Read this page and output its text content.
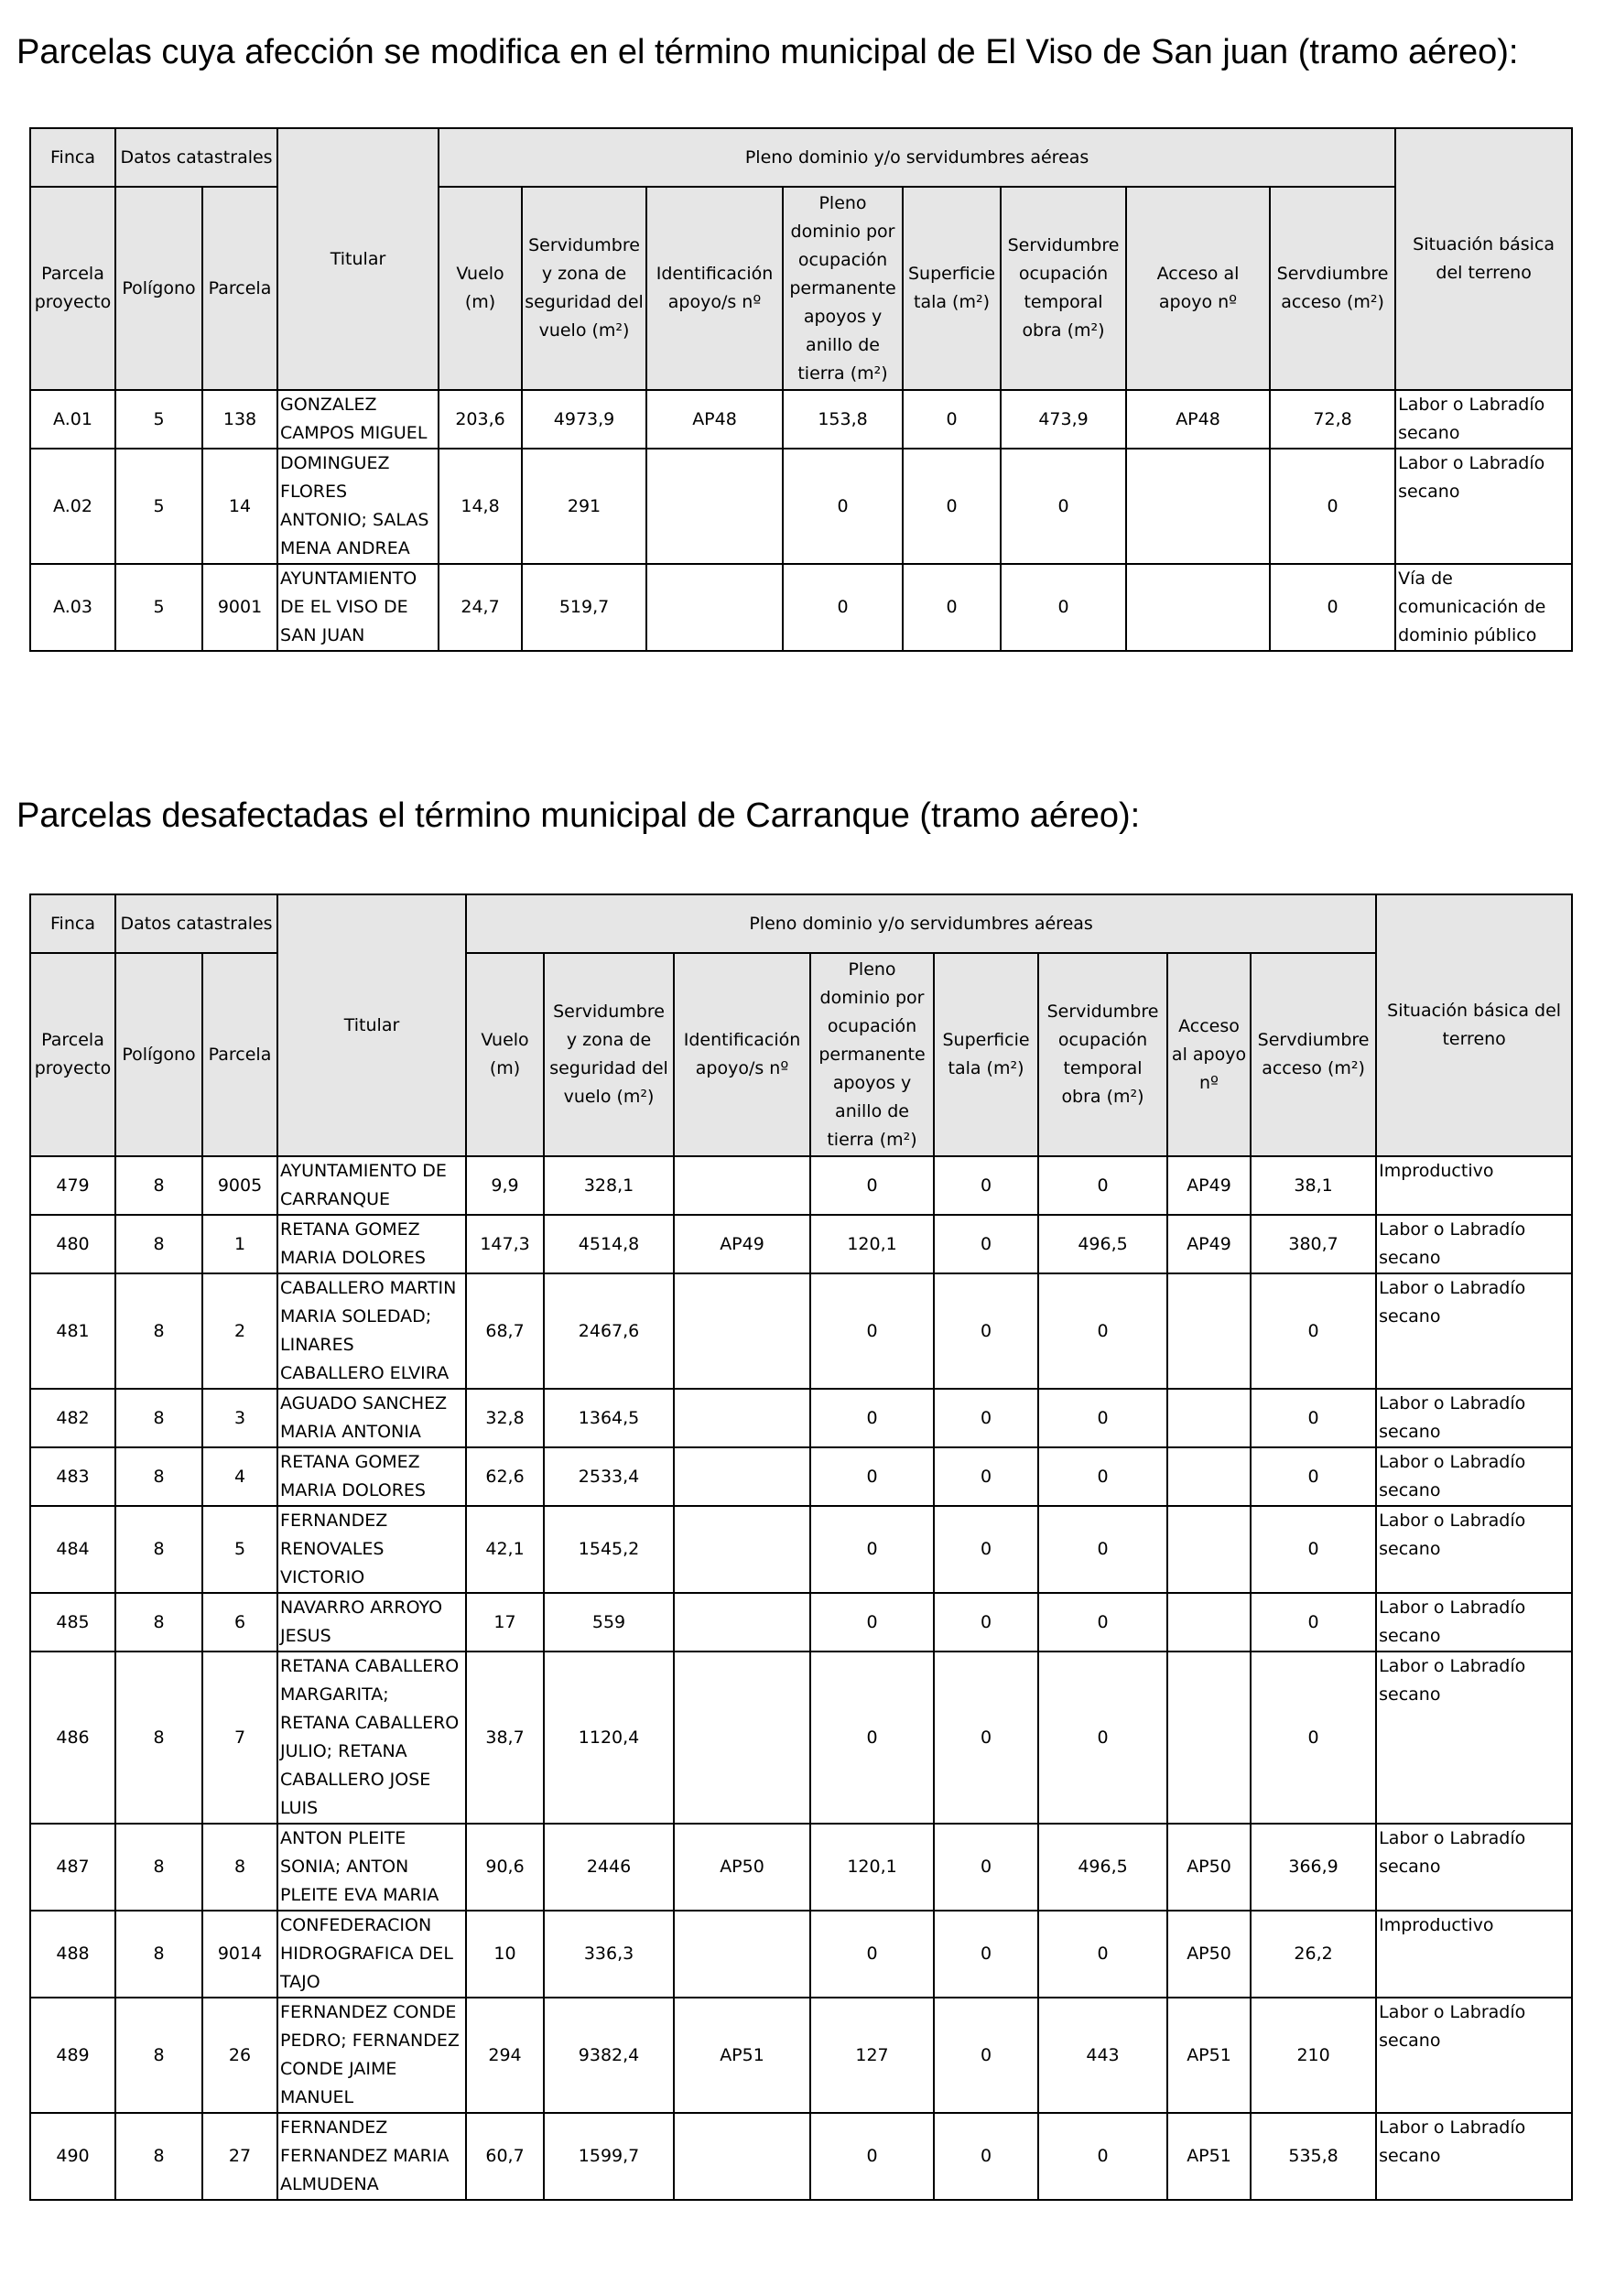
Parcelas cuya afección se modifica en el término municipal de El Viso de San juan (tramo aéreo):
Finca	Datos catastrales		Titular	Pleno dominio y/o servidumbres aéreas								Situación básica del terreno
Parcela proyecto	Polígono	Parcela		Vuelo (m)	Servidumbre y zona de seguridad del vuelo (m²)	Identificación apoyo/s nº	Pleno dominio por ocupación permanente apoyos y anillo de tierra (m²)	Superficie tala (m²)	Servidumbre ocupación temporal obra (m²)	Acceso al apoyo nº	Servdiumbre acceso (m²)	
A.01	5	138	GONZALEZ CAMPOS MIGUEL	203,6	4973,9	AP48	153,8	0	473,9	AP48	72,8	Labor o Labradío secano
A.02	5	14	DOMINGUEZ FLORES ANTONIO; SALAS MENA ANDREA	14,8	291		0	0	0		0	Labor o Labradío secano
A.03	5	9001	AYUNTAMIENTO DE EL VISO DE SAN JUAN	24,7	519,7		0	0	0		0	Vía de comunicación de dominio público
Parcelas desafectadas el término municipal de Carranque (tramo aéreo):
Finca	Datos catastrales		Titular	Pleno dominio y/o servidumbres aéreas								Situación básica del terreno
Parcela proyecto	Polígono	Parcela		Vuelo (m)	Servidumbre y zona de seguridad del vuelo (m²)	Identificación apoyo/s nº	Pleno dominio por ocupación permanente apoyos y anillo de tierra (m²)	Superficie tala (m²)	Servidumbre ocupación temporal obra (m²)	Acceso al apoyo nº	Servdiumbre acceso (m²)	
479	8	9005	AYUNTAMIENTO DE CARRANQUE	9,9	328,1		0	0	0	AP49	38,1	Improductivo
480	8	1	RETANA GOMEZ MARIA DOLORES	147,3	4514,8	AP49	120,1	0	496,5	AP49	380,7	Labor o Labradío secano
481	8	2	CABALLERO MARTIN MARIA SOLEDAD; LINARES CABALLERO ELVIRA	68,7	2467,6		0	0	0		0	Labor o Labradío secano
482	8	3	AGUADO SANCHEZ MARIA ANTONIA	32,8	1364,5		0	0	0		0	Labor o Labradío secano
483	8	4	RETANA GOMEZ MARIA DOLORES	62,6	2533,4		0	0	0		0	Labor o Labradío secano
484	8	5	FERNANDEZ RENOVALES VICTORIO	42,1	1545,2		0	0	0		0	Labor o Labradío secano
485	8	6	NAVARRO ARROYO JESUS	17	559		0	0	0		0	Labor o Labradío secano
486	8	7	RETANA CABALLERO MARGARITA; RETANA CABALLERO JULIO; RETANA CABALLERO JOSE LUIS	38,7	1120,4		0	0	0		0	Labor o Labradío secano
487	8	8	ANTON PLEITE SONIA; ANTON PLEITE EVA MARIA	90,6	2446	AP50	120,1	0	496,5	AP50	366,9	Labor o Labradío secano
488	8	9014	CONFEDERACION HIDROGRAFICA DEL TAJO	10	336,3		0	0	0	AP50	26,2	Improductivo
489	8	26	FERNANDEZ CONDE PEDRO; FERNANDEZ CONDE JAIME MANUEL	294	9382,4	AP51	127	0	443	AP51	210	Labor o Labradío secano
490	8	27	FERNANDEZ FERNANDEZ MARIA ALMUDENA	60,7	1599,7		0	0	0	AP51	535,8	Labor o Labradío secano
